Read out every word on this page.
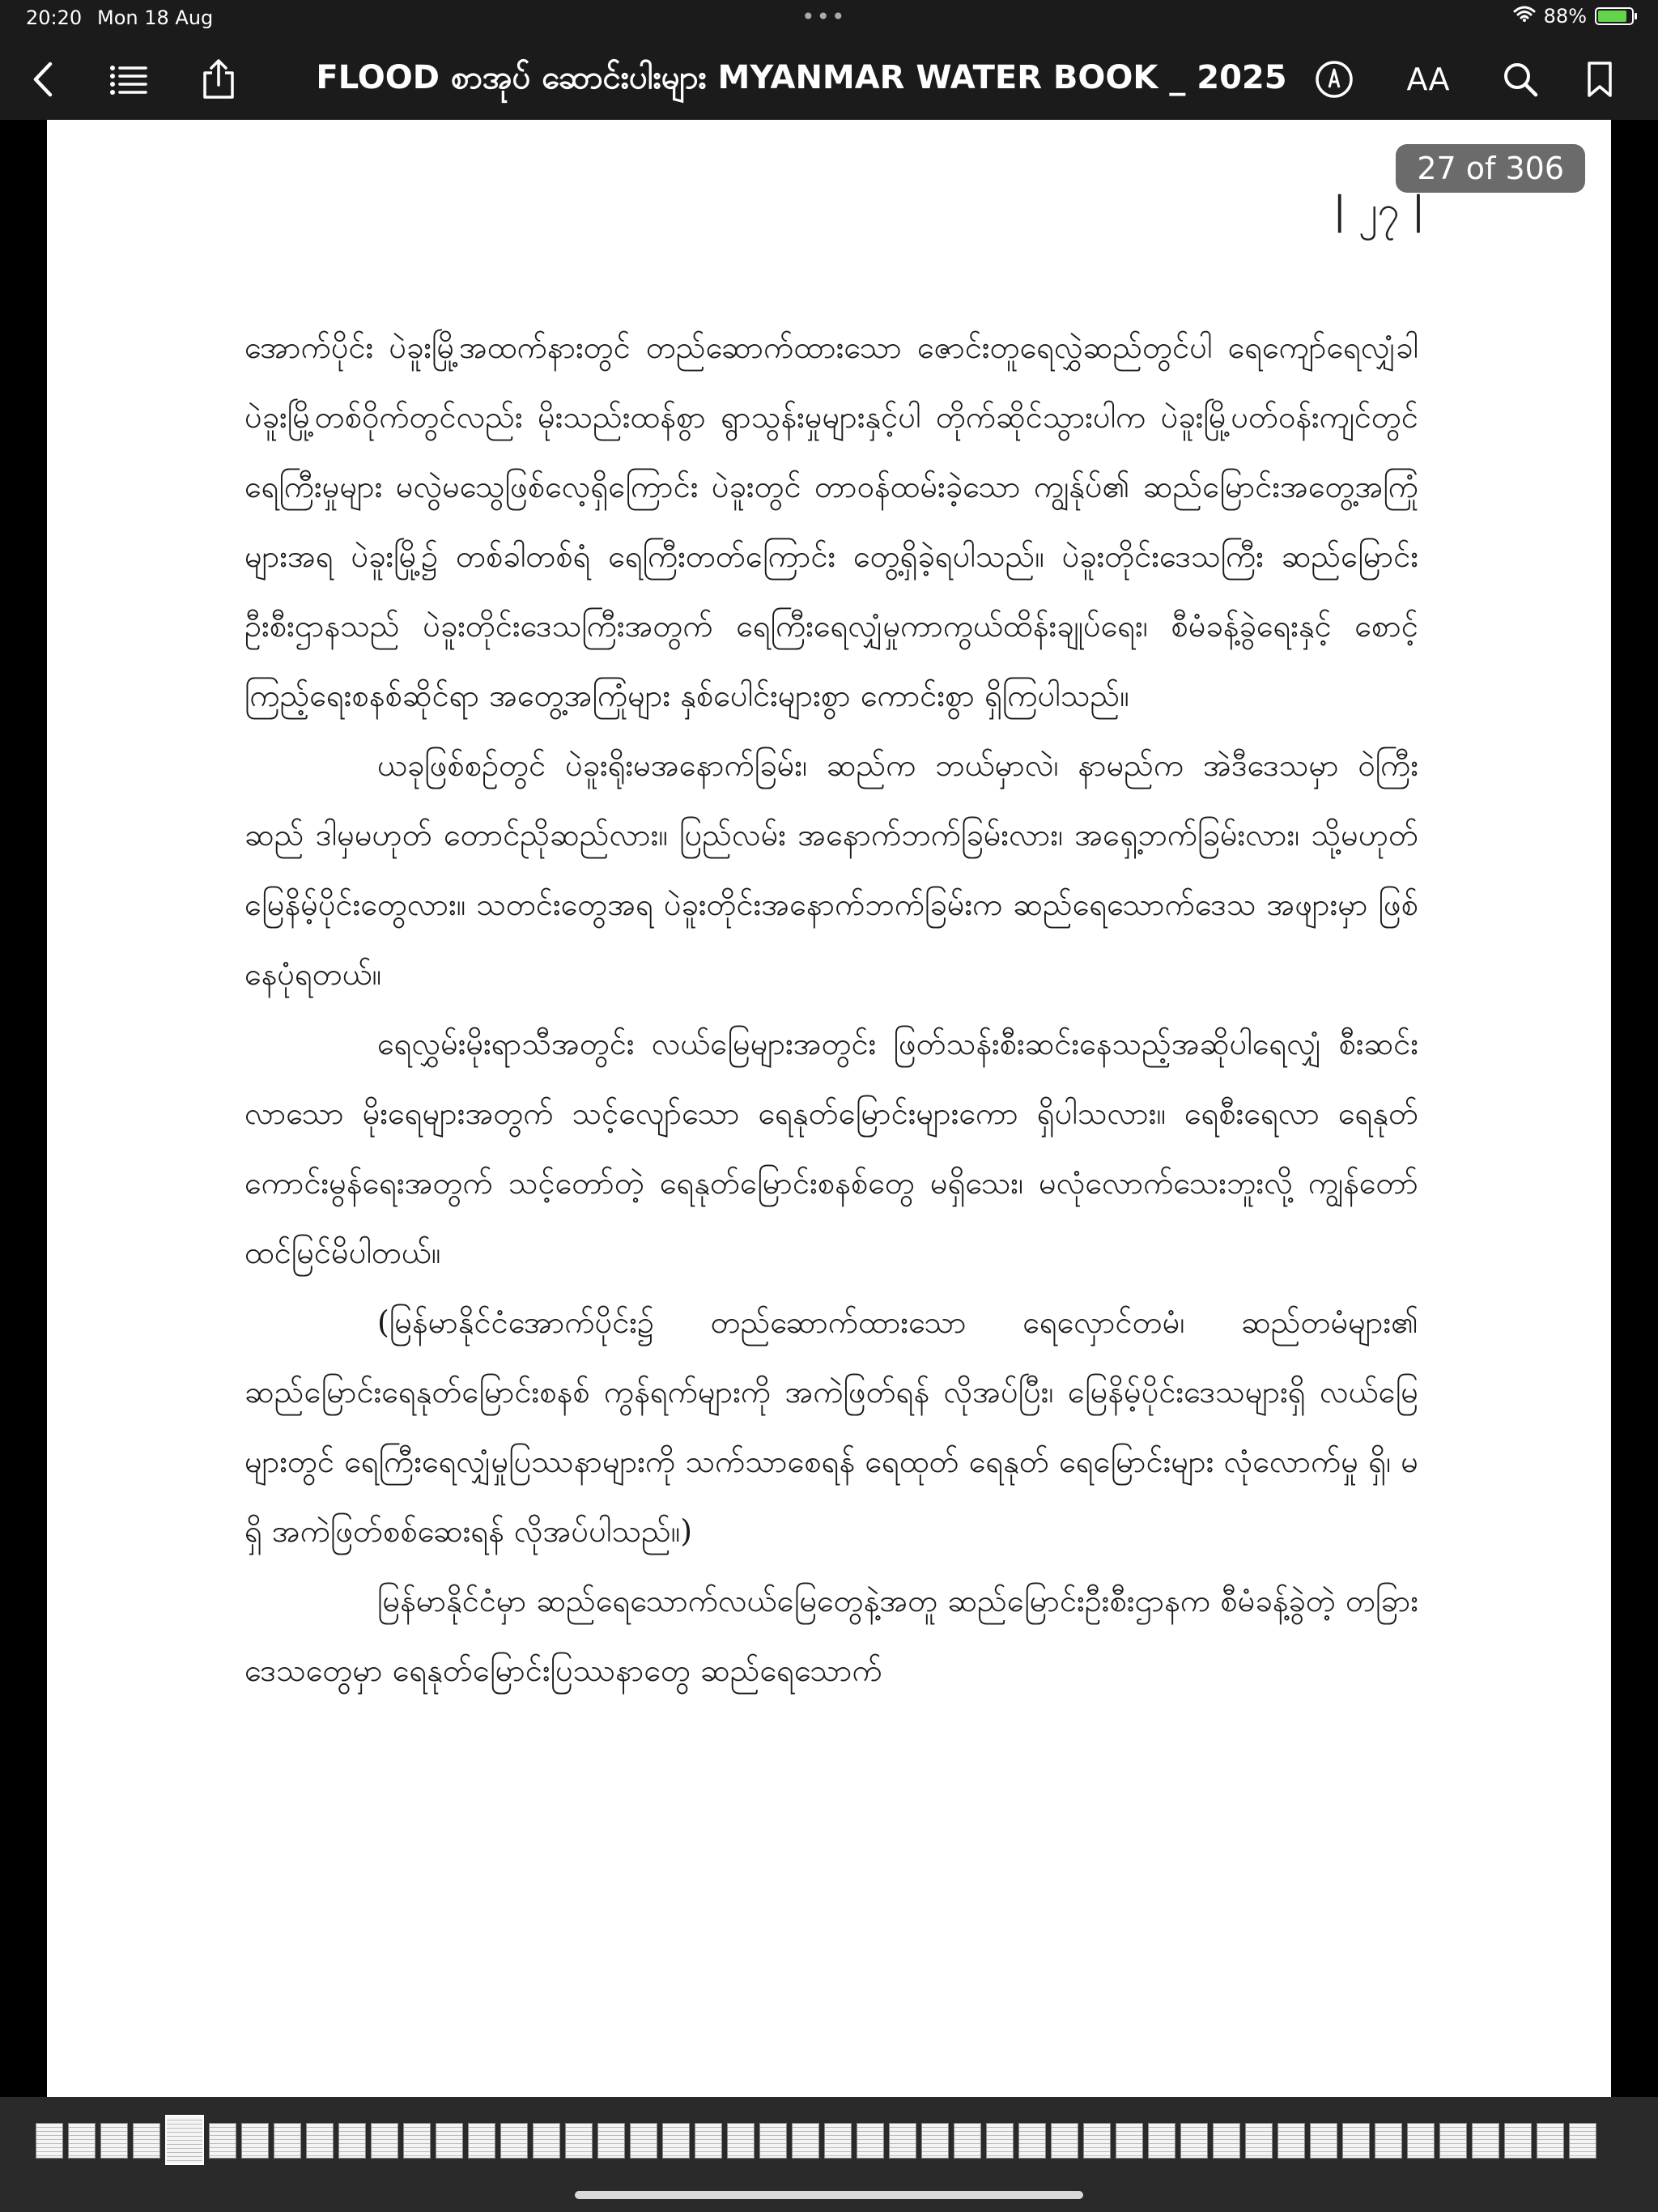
20:20 Mon 18 Aug	•••	88%
FLOOD စာအုပ် ဆောင်းပါးများ MYANMAR WATER BOOK _ 2025	AA
27 of 306
| ၂၇ |

အောက်ပိုင်း ပဲခူးမြို့အထက်နားတွင် တည်ဆောက်ထားသော ဇောင်းတူရေလွှဲဆည်တွင်ပါ ရေကျော်ရေလျှံခါ ပဲခူးမြို့တစ်ဝိုက်တွင်လည်း မိုးသည်းထန်စွာ ရွာသွန်းမှုများနှင့်ပါ တိုက်ဆိုင်သွားပါက ပဲခူးမြို့ပတ်ဝန်းကျင်တွင် ရေကြီးမှုများ မလွဲမသွေဖြစ်လေ့ရှိကြောင်း ပဲခူးတွင် တာဝန်ထမ်းခဲ့သော ကျွန်ုပ်၏ ဆည်မြောင်းအတွေ့အကြုံများအရ ပဲခူးမြို့၌ တစ်ခါတစ်ရံ ရေကြီးတတ်ကြောင်း တွေ့ရှိခဲ့ရပါသည်။ ပဲခူးတိုင်းဒေသကြီး ဆည်မြောင်းဦးစီးဌာနသည် ပဲခူးတိုင်းဒေသကြီးအတွက် ရေကြီးရေလျှံမှုကာကွယ်ထိန်းချုပ်ရေး၊ စီမံခန့်ခွဲရေးနှင့် စောင့်ကြည့်ရေးစနစ်ဆိုင်ရာ အတွေ့အကြုံများ နှစ်ပေါင်းများစွာ ကောင်းစွာ ရှိကြပါသည်။

ယခုဖြစ်စဉ်တွင် ပဲခူးရိုးမအနောက်ခြမ်း၊ ဆည်က ဘယ်မှာလဲ၊ နာမည်က အဲဒီဒေသမှာ ဝဲကြီးဆည် ဒါမှမဟုတ် တောင်ညိုဆည်လား။ ပြည်လမ်း အနောက်ဘက်ခြမ်းလား၊ အရှေ့ဘက်ခြမ်းလား၊ သို့မဟုတ် မြေနိမ့်ပိုင်းတွေလား။ သတင်းတွေအရ ပဲခူးတိုင်းအနောက်ဘက်ခြမ်းက ဆည်ရေသောက်ဒေသ အဖျားမှာ ဖြစ်နေပုံရတယ်။

ရေလွှမ်းမိုးရာသီအတွင်း လယ်မြေများအတွင်း ဖြတ်သန်းစီးဆင်းနေသည့်အဆိုပါရေလျှံ စီးဆင်းလာသော မိုးရေများအတွက် သင့်လျော်သော ရေနုတ်မြောင်းများကော ရှိပါသလား။ ရေစီးရေလာ ရေနုတ် ကောင်းမွန်ရေးအတွက် သင့်တော်တဲ့ ရေနုတ်မြောင်းစနစ်တွေ မရှိသေး၊ မလုံလောက်သေးဘူးလို့ ကျွန်တော်ထင်မြင်မိပါတယ်။

(မြန်မာနိုင်ငံအောက်ပိုင်း၌ တည်ဆောက်ထားသော ရေလှောင်တမံ၊ ဆည်တမံများ၏ ဆည်မြောင်းရေနုတ်မြောင်းစနစ် ကွန်ရက်များကို အကဲဖြတ်ရန် လိုအပ်ပြီး၊ မြေနိမ့်ပိုင်းဒေသများရှိ လယ်မြေများတွင် ရေကြီးရေလျှံမှုပြဿနာများကို သက်သာစေရန် ရေထုတ် ရေနုတ် ရေမြောင်းများ လုံလောက်မှု ရှိ၊ မရှိ အကဲဖြတ်စစ်ဆေးရန် လိုအပ်ပါသည်။)

မြန်မာနိုင်ငံမှာ ဆည်ရေသောက်လယ်မြေတွေနဲ့အတူ ဆည်မြောင်းဦးစီးဌာနက စီမံခန့်ခွဲတဲ့ တခြားဒေသတွေမှာ ရေနုတ်မြောင်းပြဿနာတွေ ဆည်ရေသောက်
